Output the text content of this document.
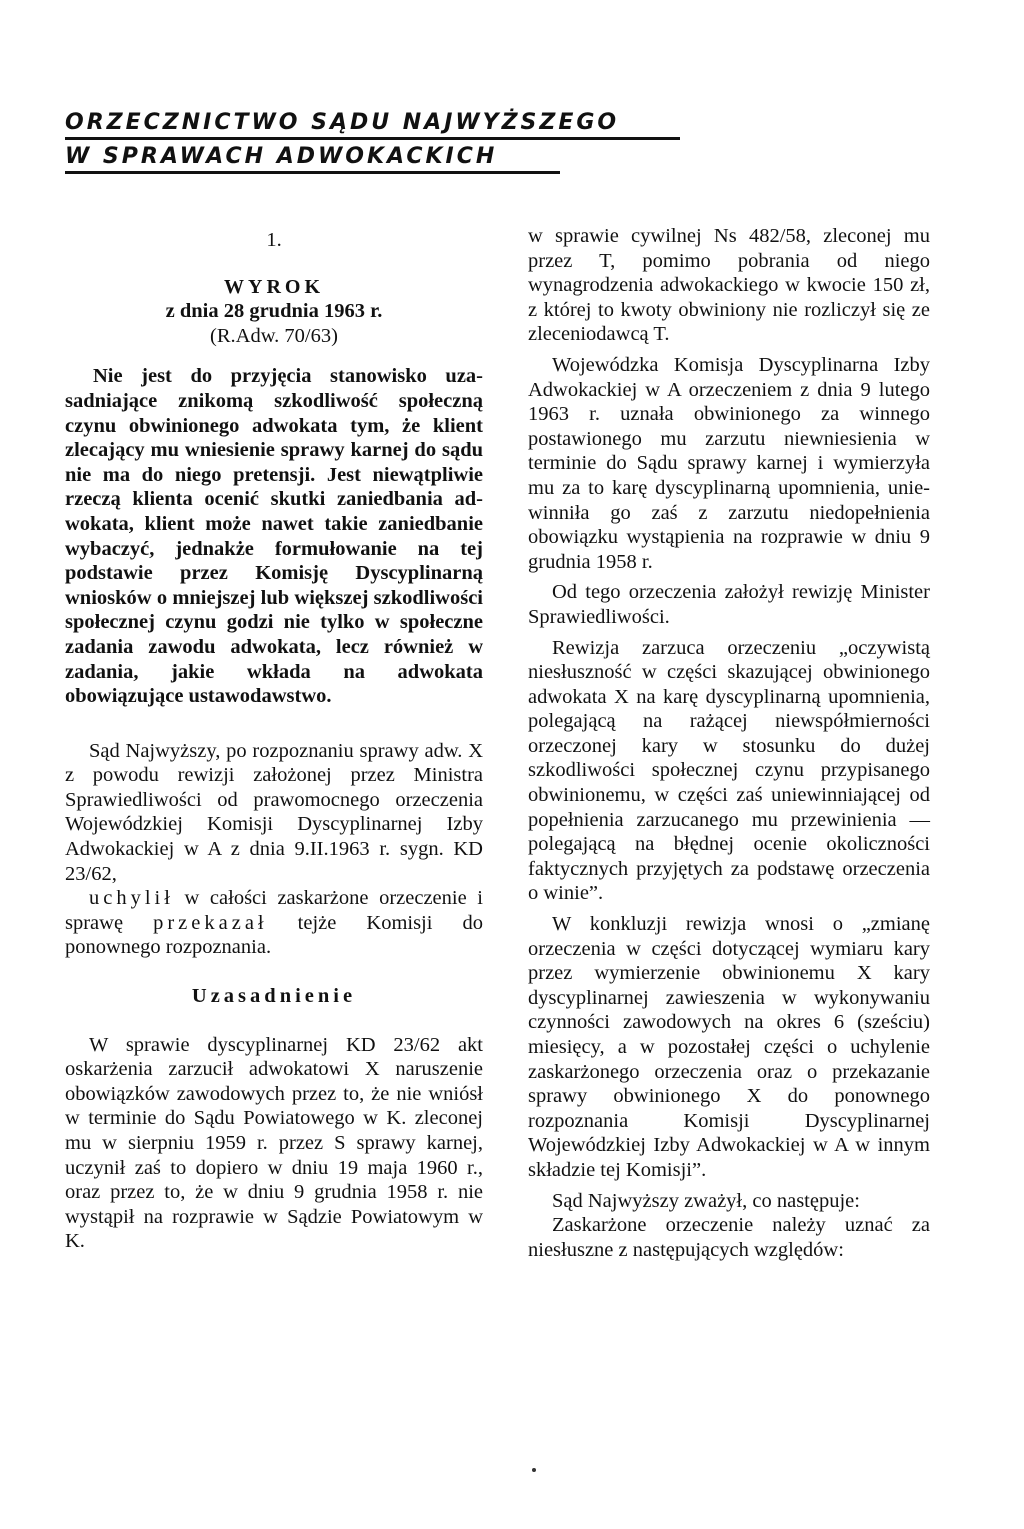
ORZECZNICTWO SĄDU NAJWYŻSZEGO
W SPRAWACH ADWOKACKICH

1.

WYROK

z dnia 28 grudnia 1963 r.

(R.Adw. 70/63)

Nie jest do przyjęcia stanowisko uzasadniające znikomą szkodliwość społeczną czynu obwinionego adwokata tym, że klient zlecający mu wniesienie sprawy karnej do sądu nie ma do niego pretensji. Jest niewątpliwie rzeczą klienta ocenić skutki zaniedbania adwokata, klient może nawet takie zaniedbanie wybaczyć, jednakże formułowanie na tej podstawie przez Komisję Dyscyplinarną wniosków o mniejszej lub większej szkodliwości społecznej czynu godzi nie tylko w społeczne zadania zawodu adwokata, lecz również w zadania, jakie wkłada na adwokata obowiązujące ustawodawstwo.

Sąd Najwyższy, po rozpoznaniu sprawy adw. X z powodu rewizji założonej przez Ministra Sprawiedliwości od prawomocnego orzeczenia Wojewódzkiej Komisji Dyscyplinarnej Izby Adwokackiej w A z dnia 9.II.1963 r. sygn. KD 23/62,

uchylił w całości zaskarżone orzeczenie i sprawę przekazał tejże Komisji do ponownego rozpoznania.

Uzasadnienie

W sprawie dyscyplinarnej KD 23/62 akt oskarżenia zarzucił adwokatowi X naruszenie obowiązków zawodowych przez to, że nie wniósł w terminie do Sądu Powiatowego w K. zleconej mu w sierpniu 1959 r. przez S sprawy karnej, uczynił zaś to dopiero w dniu 19 maja 1960 r., oraz przez to, że w dniu 9 grudnia 1958 r. nie wystąpił na rozprawie w Sądzie Powiatowym w K.

w sprawie cywilnej Ns 482/58, zleconej mu przez T, pomimo pobrania od niego wynagrodzenia adwokackiego w kwocie 150 zł, z której to kwoty obwiniony nie rozliczył się ze zleceniodawcą T.

Wojewódzka Komisja Dyscyplinarna Izby Adwokackiej w A orzeczeniem z dnia 9 lutego 1963 r. uznała obwinionego za winnego postawionego mu zarzutu niewniesienia w terminie do Sądu sprawy karnej i wymierzyła mu za to karę dyscyplinarną upomnienia, uniewinniła go zaś z zarzutu niedopełnienia obowiązku wystąpienia na rozprawie w dniu 9 grudnia 1958 r.

Od tego orzeczenia założył rewizję Minister Sprawiedliwości.

Rewizja zarzuca orzeczeniu „oczywistą niesłuszność w części skazującej obwinionego adwokata X na karę dyscyplinarną upomnienia, polegającą na rażącej niewspółmierności orzeczonej kary w stosunku do dużej szkodliwości społecznej czynu przypisanego obwinionemu, w części zaś uniewinniającej od popełnienia zarzucanego mu przewinienia — polegającą na błędnej ocenie okoliczności faktycznych przyjętych za podstawę orzeczenia o winie”.

W konkluzji rewizja wnosi o „zmianę orzeczenia w części dotyczącej wymiaru kary przez wymierzenie obwinionemu X kary dyscyplinarnej zawieszenia w wykonywaniu czynności zawodowych na okres 6 (sześciu) miesięcy, a w pozostałej części o uchylenie zaskarżonego orzeczenia oraz o przekazanie sprawy obwinionego X do ponownego rozpoznania Komisji Dyscyplinarnej Wojewódzkiej Izby Adwokackiej w A w innym składzie tej Komisji”.

Sąd Najwyższy zważył, co następuje:

Zaskarżone orzeczenie należy uznać za niesłuszne z następujących względów:
